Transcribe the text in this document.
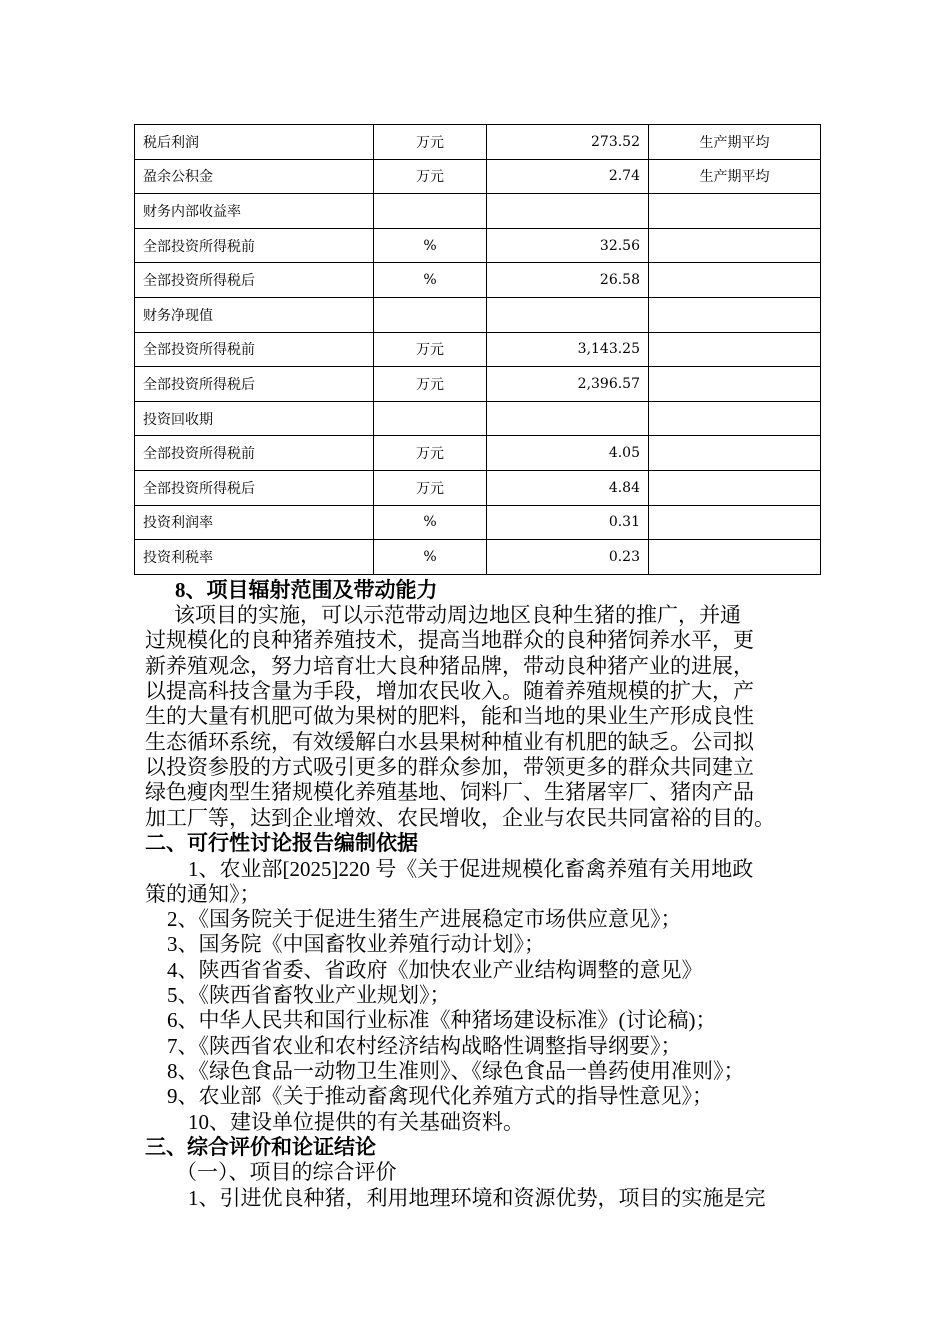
税后利润	万元	273.52	生产期平均
盈余公积金	万元	2.74	生产期平均
财务内部收益率			
全部投资所得税前	%	32.56	
全部投资所得税后	%	26.58	
财务净现值			
全部投资所得税前	万元	3,143.25	
全部投资所得税后	万元	2,396.57	
投资回收期			
全部投资所得税前	万元	4.05	
全部投资所得税后	万元	4.84	
投资利润率	%	0.31	
投资利税率	%	0.23	
8、项目辐射范围及带动能力
该项目的实施，可以示范带动周边地区良种生猪的推广，并通
过规模化的良种猪养殖技术，提高当地群众的良种猪饲养水平，更
新养殖观念，努力培育壮大良种猪品牌，带动良种猪产业的进展，
以提高科技含量为手段，增加农民收入。随着养殖规模的扩大，产
生的大量有机肥可做为果树的肥料，能和当地的果业生产形成良性
生态循环系统，有效缓解白水县果树种植业有机肥的缺乏。公司拟
以投资参股的方式吸引更多的群众参加，带领更多的群众共同建立
绿色瘦肉型生猪规模化养殖基地、饲料厂、生猪屠宰厂、猪肉产品
加工厂等，达到企业增效、农民增收，企业与农民共同富裕的目的。
二、可行性讨论报告编制依据
1、农业部[2025]220 号《关于促进规模化畜禽养殖有关用地政
策的通知》；
2、《国务院关于促进生猪生产进展稳定市场供应意见》；
3、国务院《中国畜牧业养殖行动计划》；
4、陕西省省委、省政府《加快农业产业结构调整的意见》
5、《陕西省畜牧业产业规划》；
6、中华人民共和国行业标准《种猪场建设标准》(讨论稿)；
7、《陕西省农业和农村经济结构战略性调整指导纲要》；
8、《绿色食品一动物卫生准则》、《绿色食品一兽药使用准则》；
9、农业部《关于推动畜禽现代化养殖方式的指导性意见》；
10、建设单位提供的有关基础资料。
三、综合评价和论证结论
（一）、项目的综合评价
1、引进优良种猪，利用地理环境和资源优势，项目的实施是完
